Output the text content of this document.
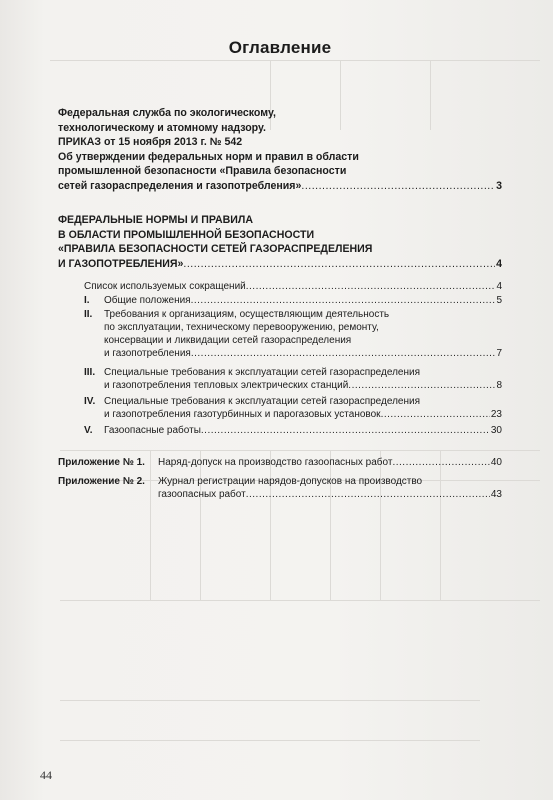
Оглавление
Федеральная служба по экологическому,
технологическому и атомному надзору.
ПРИКАЗ от 15 ноября 2013 г. № 542
Об утверждении федеральных норм и правил в области
промышленной безопасности «Правила безопасности
сетей газораспределения и газопотребления» .....	3
ФЕДЕРАЛЬНЫЕ НОРМЫ И ПРАВИЛА
В ОБЛАСТИ ПРОМЫШЛЕННОЙ БЕЗОПАСНОСТИ
«ПРАВИЛА БЕЗОПАСНОСТИ СЕТЕЙ ГАЗОРАСПРЕДЕЛЕНИЯ
И ГАЗОПОТРЕБЛЕНИЯ» .....	4
Список используемых сокращений .....	4
I.	Общие положения .....	5
II.	Требования к организациям, осуществляющим деятельность
по эксплуатации, техническому перевооружению, ремонту,
консервации и ликвидации сетей газораспределения
и газопотребления .....	7
III. Специальные требования к эксплуатации сетей газораспределения
и газопотребления тепловых электрических станций .....	8
IV. Специальные требования к эксплуатации сетей газораспределения
и газопотребления газотурбинных и парогазовых установок .....	23
V.	Газоопасные работы .....	30
Приложение № 1. Наряд-допуск на производство газоопасных работ .....	40
Приложение № 2. Журнал регистрации нарядов-допусков на производство
газоопасных работ .....	43
44
